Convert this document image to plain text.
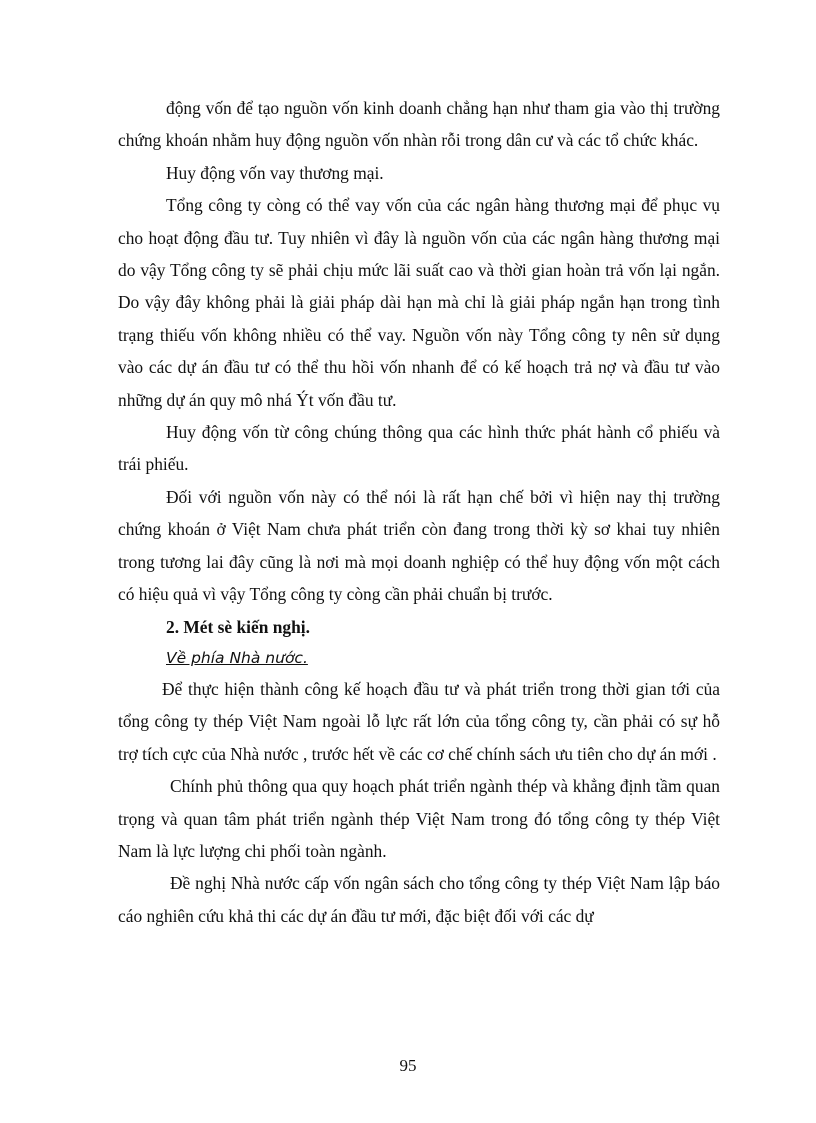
động vốn để tạo nguồn vốn kinh doanh chẳng hạn như tham gia vào thị trường chứng khoán nhằm huy động nguồn vốn nhàn rỗi trong dân cư và các tổ chức khác.

Huy động vốn vay thương mại.

Tổng công ty còng có thể vay vốn của các ngân hàng thương mại để phục vụ cho hoạt động đầu tư. Tuy nhiên vì đây là nguồn vốn của các ngân hàng thương mại do vậy Tổng công ty sẽ phải chịu mức lãi suất cao và thời gian hoàn trả vốn lại ngắn. Do vậy đây không phải là giải pháp dài hạn mà chỉ là giải pháp ngắn hạn trong tình trạng thiếu vốn không nhiều có thể vay. Nguồn vốn này Tổng công ty nên sử dụng vào các dự án đầu tư có thể thu hồi vốn nhanh để có kế hoạch trả nợ và đầu tư vào những dự án quy mô nhá Ýt vốn đầu tư.

Huy động vốn từ công chúng thông qua các hình thức phát hành cổ phiếu và trái phiếu.

Đối với nguồn vốn này có thể nói là rất hạn chế bởi vì hiện nay thị trường chứng khoán ở Việt Nam chưa phát triển còn đang trong thời kỳ sơ khai tuy nhiên trong tương lai đây cũng là nơi mà mọi doanh nghiệp có thể huy động vốn một cách có hiệu quả vì vậy Tổng công ty còng cần phải chuẩn bị trước.

2. Mét sè kiến nghị.

Về phía Nhà nước.

Để thực hiện thành công kế hoạch đầu tư và phát triển trong thời gian tới của tổng công ty thép Việt Nam ngoài lỗ lực rất lớn của tổng công ty, cần phải có sự hỗ trợ tích cực của Nhà nước , trước hết về các cơ chế chính sách ưu tiên cho dự án mới .

Chính phủ thông qua quy hoạch phát triển ngành thép và khẳng định tầm quan trọng và quan tâm phát triển ngành thép Việt Nam trong đó tổng công ty thép Việt Nam là lực lượng chi phối toàn ngành.

Đề nghị Nhà nước cấp vốn ngân sách cho tổng công ty thép Việt Nam lập báo cáo nghiên cứu khả thi các dự án đầu tư mới, đặc biệt đối với các dự

95
